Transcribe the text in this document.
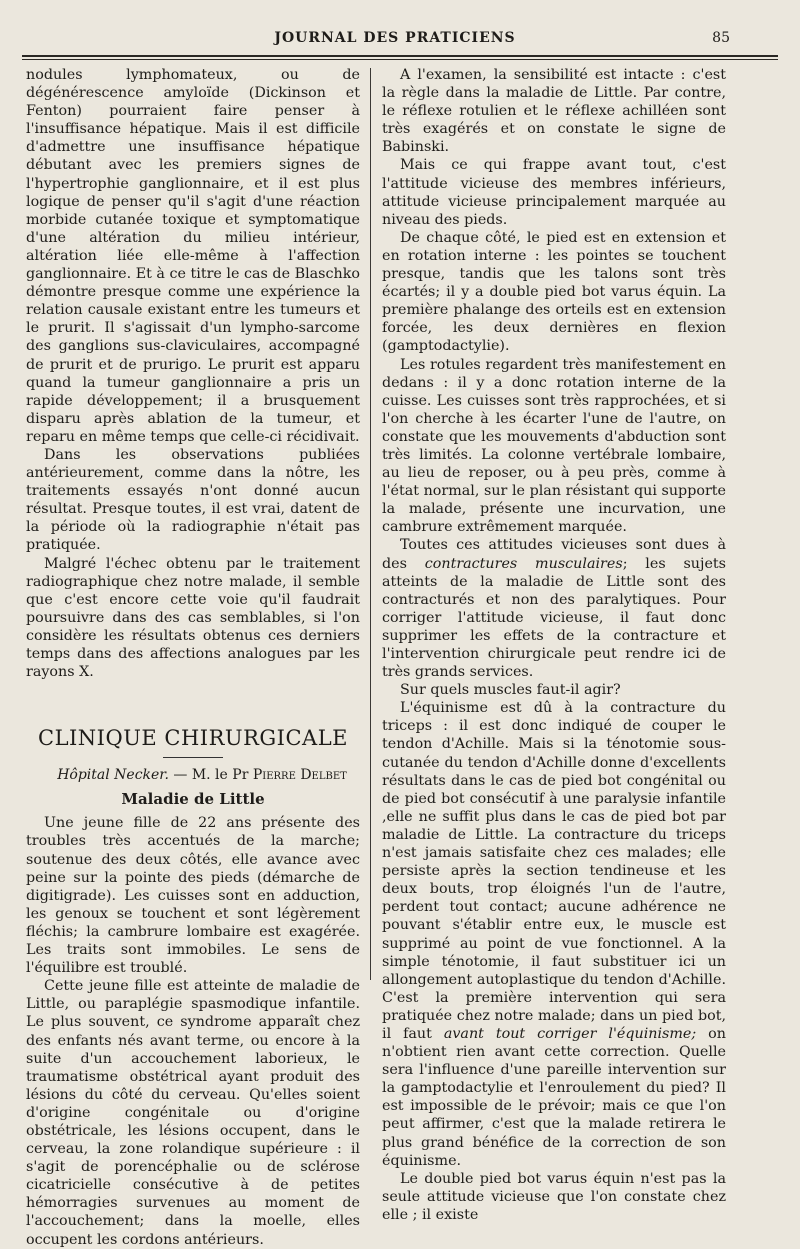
JOURNAL DES PRATICIENS	85

nodules lymphomateux, ou de dégénérescence amyloïde (Dickinson et Fenton) pourraient faire penser à l'insuffisance hépatique. Mais il est difficile d'admettre une insuffisance hépatique débutant avec les premiers signes de l'hypertrophie ganglionnaire, et il est plus logique de penser qu'il s'agit d'une réaction morbide cutanée toxique et symptomatique d'une altération du milieu intérieur, altération liée elle-même à l'affection ganglionnaire. Et à ce titre le cas de Blaschko démontre presque comme une expérience la relation causale existant entre les tumeurs et le prurit. Il s'agissait d'un lympho-sarcome des ganglions sus-claviculaires, accompagné de prurit et de prurigo. Le prurit est apparu quand la tumeur ganglionnaire a pris un rapide développement; il a brusquement disparu après ablation de la tumeur, et reparu en même temps que celle-ci récidivait.

Dans les observations publiées antérieurement, comme dans la nôtre, les traitements essayés n'ont donné aucun résultat. Presque toutes, il est vrai, datent de la période où la radiographie n'était pas pratiquée.

Malgré l'échec obtenu par le traitement radiographique chez notre malade, il semble que c'est encore cette voie qu'il faudrait poursuivre dans des cas semblables, si l'on considère les résultats obtenus ces derniers temps dans des affections analogues par les rayons X.

CLINIQUE CHIRURGICALE

Hôpital Necker. — M. le Pr Pierre Delbet

Maladie de Little

Une jeune fille de 22 ans présente des troubles très accentués de la marche; soutenue des deux côtés, elle avance avec peine sur la pointe des pieds (démarche de digitigrade). Les cuisses sont en adduction, les genoux se touchent et sont légèrement fléchis; la cambrure lombaire est exagérée. Les traits sont immobiles. Le sens de l'équilibre est troublé.

Cette jeune fille est atteinte de maladie de Little, ou paraplégie spasmodique infantile. Le plus souvent, ce syndrome apparaît chez des enfants nés avant terme, ou encore à la suite d'un accouchement laborieux, le traumatisme obstétrical ayant produit des lésions du côté du cerveau. Qu'elles soient d'origine congénitale ou d'origine obstétricale, les lésions occupent, dans le cerveau, la zone rolandique supérieure : il s'agit de porencéphalie ou de sclérose cicatricielle consécutive à de petites hémorragies survenues au moment de l'accouchement; dans la moelle, elles occupent les cordons antérieurs.

A l'examen, la sensibilité est intacte : c'est la règle dans la maladie de Little. Par contre, le réflexe rotulien et le réflexe achilléen sont très exagérés et on constate le signe de Babinski.

Mais ce qui frappe avant tout, c'est l'attitude vicieuse des membres inférieurs, attitude vicieuse principalement marquée au niveau des pieds.

De chaque côté, le pied est en extension et en rotation interne : les pointes se touchent presque, tandis que les talons sont très écartés; il y a double pied bot varus équin. La première phalange des orteils est en extension forcée, les deux dernières en flexion (gamptodactylie).

Les rotules regardent très manifestement en dedans : il y a donc rotation interne de la cuisse. Les cuisses sont très rapprochées, et si l'on cherche à les écarter l'une de l'autre, on constate que les mouvements d'abduction sont très limités. La colonne vertébrale lombaire, au lieu de reposer, ou à peu près, comme à l'état normal, sur le plan résistant qui supporte la malade, présente une incurvation, une cambrure extrêmement marquée.

Toutes ces attitudes vicieuses sont dues à des contractures musculaires; les sujets atteints de la maladie de Little sont des contracturés et non des paralytiques. Pour corriger l'attitude vicieuse, il faut donc supprimer les effets de la contracture et l'intervention chirurgicale peut rendre ici de très grands services.

Sur quels muscles faut-il agir?

L'équinisme est dû à la contracture du triceps : il est donc indiqué de couper le tendon d'Achille. Mais si la ténotomie sous-cutanée du tendon d'Achille donne d'excellents résultats dans le cas de pied bot congénital ou de pied bot consécutif à une paralysie infantile ,elle ne suffit plus dans le cas de pied bot par maladie de Little. La contracture du triceps n'est jamais satisfaite chez ces malades; elle persiste après la section tendineuse et les deux bouts, trop éloignés l'un de l'autre, perdent tout contact; aucune adhérence ne pouvant s'établir entre eux, le muscle est supprimé au point de vue fonctionnel. A la simple ténotomie, il faut substituer ici un allongement autoplastique du tendon d'Achille. C'est la première intervention qui sera pratiquée chez notre malade; dans un pied bot, il faut avant tout corriger l'équinisme; on n'obtient rien avant cette correction. Quelle sera l'influence d'une pareille intervention sur la gamptodactylie et l'enroulement du pied? Il est impossible de le prévoir; mais ce que l'on peut affirmer, c'est que la malade retirera le plus grand bénéfice de la correction de son équinisme.

Le double pied bot varus équin n'est pas la seule attitude vicieuse que l'on constate chez elle ; il existe
